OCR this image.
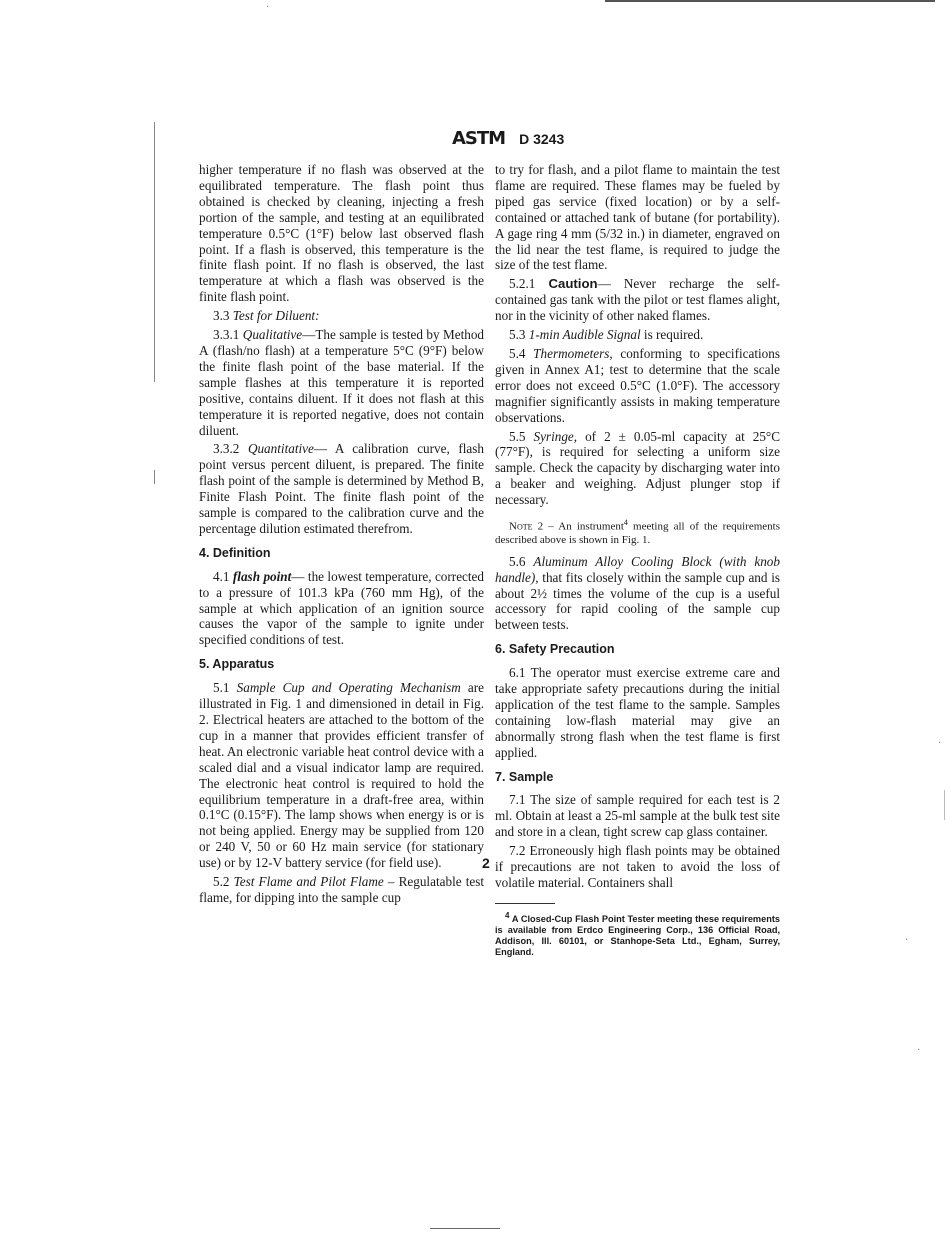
·
·
·
·
ASTM D 3243

higher temperature if no flash was observed at the equilibrated temperature. The flash point thus obtained is checked by cleaning, injecting a fresh portion of the sample, and testing at an equilibrated temperature 0.5°C (1°F) below last observed flash point. If a flash is observed, this temperature is the finite flash point. If no flash is observed, the last temperature at which a flash was observed is the finite flash point.

3.3 Test for Diluent:

3.3.1 Qualitative—The sample is tested by Method A (flash/no flash) at a temperature 5°C (9°F) below the finite flash point of the base material. If the sample flashes at this temperature it is reported positive, contains diluent. If it does not flash at this temperature it is reported negative, does not contain diluent.

3.3.2 Quantitative— A calibration curve, flash point versus percent diluent, is prepared. The finite flash point of the sample is determined by Method B, Finite Flash Point. The finite flash point of the sample is compared to the calibration curve and the percentage dilution estimated therefrom.

4. Definition

4.1 flash point— the lowest temperature, corrected to a pressure of 101.3 kPa (760 mm Hg), of the sample at which application of an ignition source causes the vapor of the sample to ignite under specified conditions of test.

5. Apparatus

5.1 Sample Cup and Operating Mechanism are illustrated in Fig. 1 and dimensioned in detail in Fig. 2. Electrical heaters are attached to the bottom of the cup in a manner that provides efficient transfer of heat. An electronic variable heat control device with a scaled dial and a visual indicator lamp are required. The electronic heat control is required to hold the equilibrium temperature in a draft-free area, within 0.1°C (0.15°F). The lamp shows when energy is or is not being applied. Energy may be supplied from 120 or 240 V, 50 or 60 Hz main service (for stationary use) or by 12-V battery service (for field use).

5.2 Test Flame and Pilot Flame – Regulatable test flame, for dipping into the sample cup

to try for flash, and a pilot flame to maintain the test flame are required. These flames may be fueled by piped gas service (fixed location) or by a self-contained or attached tank of butane (for portability). A gage ring 4 mm (5/32 in.) in diameter, engraved on the lid near the test flame, is required to judge the size of the test flame.

5.2.1 Caution— Never recharge the self-contained gas tank with the pilot or test flames alight, nor in the vicinity of other naked flames.

5.3 1-min Audible Signal is required.

5.4 Thermometers, conforming to specifications given in Annex A1; test to determine that the scale error does not exceed 0.5°C (1.0°F). The accessory magnifier significantly assists in making temperature observations.

5.5 Syringe, of 2 ± 0.05-ml capacity at 25°C (77°F), is required for selecting a uniform size sample. Check the capacity by discharging water into a beaker and weighing. Adjust plunger stop if necessary.

Note 2 – An instrument$^4$ meeting all of the requirements described above is shown in Fig. 1.

5.6 Aluminum Alloy Cooling Block (with knob handle), that fits closely within the sample cup and is about 2½ times the volume of the cup is a useful accessory for rapid cooling of the sample cup between tests.

6. Safety Precaution

6.1 The operator must exercise extreme care and take appropriate safety precautions during the initial application of the test flame to the sample. Samples containing low-flash material may give an abnormally strong flash when the test flame is first applied.

7. Sample

7.1 The size of sample required for each test is 2 ml. Obtain at least a 25-ml sample at the bulk test site and store in a clean, tight screw cap glass container.

7.2 Erroneously high flash points may be obtained if precautions are not taken to avoid the loss of volatile material. Containers shall

4 A Closed-Cup Flash Point Tester meeting these requirements is available from Erdco Engineering Corp., 136 Official Road, Addison, Ill. 60101, or Stanhope-Seta Ltd., Egham, Surrey, England.

2
